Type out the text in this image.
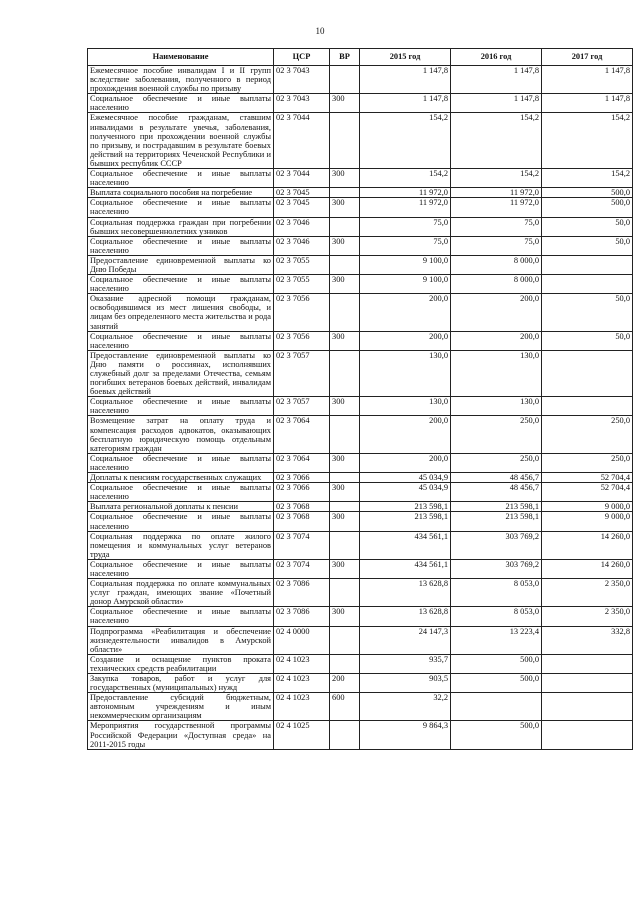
10
Наименование	ЦСР	ВР	2015 год	2016 год	2017 год
Ежемесячное пособие инвалидам I и II групп вследствие заболевания, полученного в период прохождения военной службы по призыву	02 3 7043		1 147,8	1 147,8	1 147,8
Социальное обеспечение и иные выплаты населению	02 3 7043	300	1 147,8	1 147,8	1 147,8
Ежемесячное пособие гражданам, ставшим инвалидами в результате увечья, заболевания, полученного при прохождении военной службы по призыву, и пострадавшим в результате боевых действий на территориях Чеченской Республики и бывших республик СССР	02 3 7044		154,2	154,2	154,2
Социальное обеспечение и иные выплаты населению	02 3 7044	300	154,2	154,2	154,2
Выплата социального пособия на погребение	02 3 7045		11 972,0	11 972,0	500,0
Социальное обеспечение и иные выплаты населению	02 3 7045	300	11 972,0	11 972,0	500,0
Социальная поддержка граждан при погребении бывших несовершеннолетних узников	02 3 7046		75,0	75,0	50,0
Социальное обеспечение и иные выплаты населению	02 3 7046	300	75,0	75,0	50,0
Предоставление единовременной выплаты ко Дню Победы	02 3 7055		9 100,0	8 000,0	
Социальное обеспечение и иные выплаты населению	02 3 7055	300	9 100,0	8 000,0	
Оказание адресной помощи гражданам, освободившимся из мест лишения свободы, и лицам без определенного места жительства и рода занятий	02 3 7056		200,0	200,0	50,0
Социальное обеспечение и иные выплаты населению	02 3 7056	300	200,0	200,0	50,0
Предоставление единовременной выплаты ко Дню памяти о россиянах, исполнявших служебный долг за пределами Отечества, семьям погибших ветеранов боевых действий, инвалидам боевых действий	02 3 7057		130,0	130,0	
Социальное обеспечение и иные выплаты населению	02 3 7057	300	130,0	130,0	
Возмещение затрат на оплату труда и компенсация расходов адвокатов, оказывающих бесплатную юридическую помощь отдельным категориям граждан	02 3 7064		200,0	250,0	250,0
Социальное обеспечение и иные выплаты населению	02 3 7064	300	200,0	250,0	250,0
Доплаты к пенсиям государственных служащих	02 3 7066		45 034,9	48 456,7	52 704,4
Социальное обеспечение и иные выплаты населению	02 3 7066	300	45 034,9	48 456,7	52 704,4
Выплата региональной доплаты к пенсии	02 3 7068		213 598,1	213 598,1	9 000,0
Социальное обеспечение и иные выплаты населению	02 3 7068	300	213 598,1	213 598,1	9 000,0
Социальная поддержка по оплате жилого помещения и коммунальных услуг ветеранов труда	02 3 7074		434 561,1	303 769,2	14 260,0
Социальное обеспечение и иные выплаты населению	02 3 7074	300	434 561,1	303 769,2	14 260,0
Социальная поддержка по оплате коммунальных услуг граждан, имеющих звание «Почетный донор Амурской области»	02 3 7086		13 628,8	8 053,0	2 350,0
Социальное обеспечение и иные выплаты населению	02 3 7086	300	13 628,8	8 053,0	2 350,0
Подпрограмма «Реабилитация и обеспечение жизнедеятельности инвалидов в Амурской области»	02 4 0000		24 147,3	13 223,4	332,8
Создание и оснащение пунктов проката технических средств реабилитации	02 4 1023		935,7	500,0	
Закупка товаров, работ и услуг для государственных (муниципальных) нужд	02 4 1023	200	903,5	500,0	
Предоставление субсидий бюджетным, автономным учреждениям и иным некоммерческим организациям	02 4 1023	600	32,2		
Мероприятия государственной программы Российской Федерации «Доступная среда» на 2011-2015 годы	02 4 1025		9 864,3	500,0	
